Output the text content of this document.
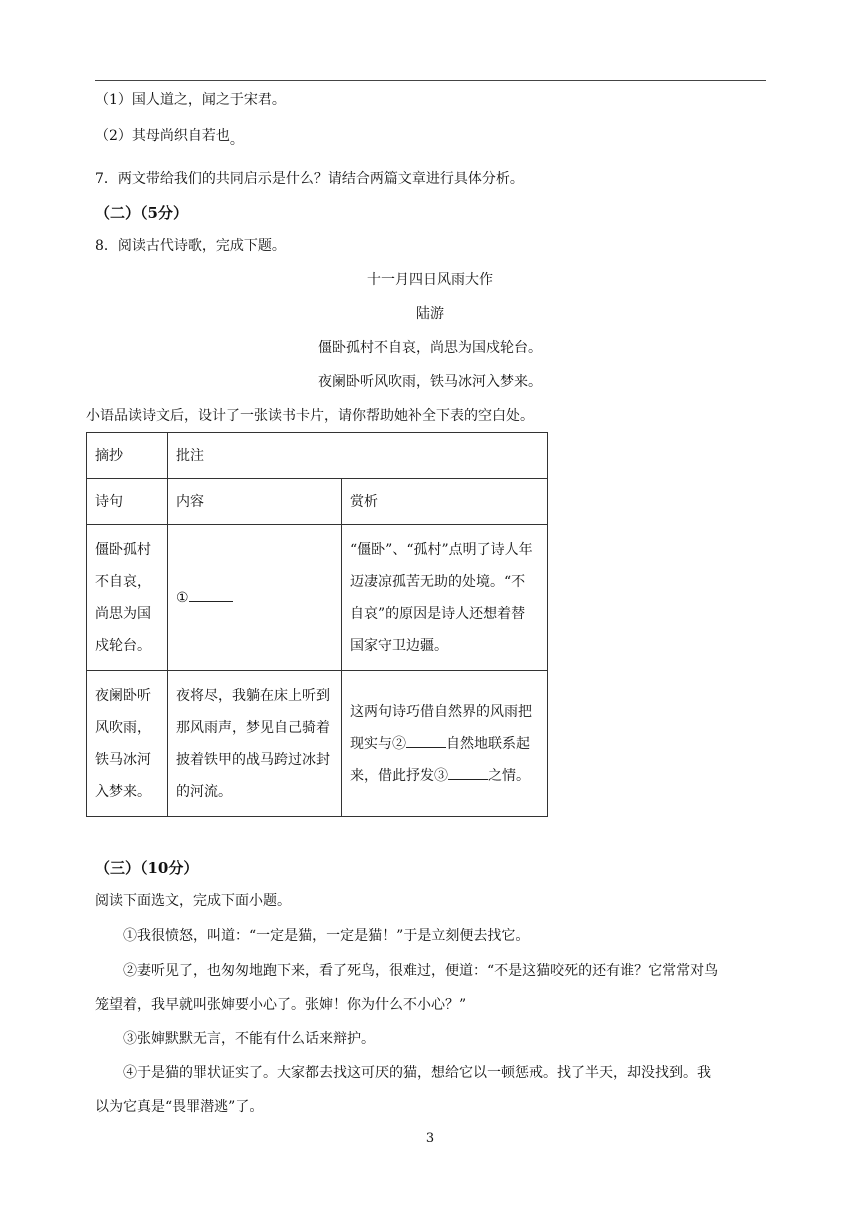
（1）国人道之，闻之于宋君。
（2）其母尚织自若也。
7．两文带给我们的共同启示是什么？请结合两篇文章进行具体分析。
（二）（5分）
8．阅读古代诗歌，完成下题。
十一月四日风雨大作
陆游
僵卧孤村不自哀，尚思为国戍轮台。
夜阑卧听风吹雨，铁马冰河入梦来。
小语品读诗文后，设计了一张读书卡片，请你帮助她补全下表的空白处。
摘抄	批注	
诗句	内容	赏析
僵卧孤村不自哀，尚思为国戍轮台。	①	“僵卧”、“孤村”点明了诗人年迈凄凉孤苦无助的处境。“不自哀”的原因是诗人还想着替国家守卫边疆。
夜阑卧听风吹雨，铁马冰河入梦来。	夜将尽，我躺在床上听到那风雨声，梦见自己骑着披着铁甲的战马跨过冰封的河流。	这两句诗巧借自然界的风雨把现实与② 自然地联系起来，借此抒发③ 之情。
（三）（10分）
阅读下面选文，完成下面小题。
①我很愤怒，叫道：“一定是猫，一定是猫！”于是立刻便去找它。
②妻听见了，也匆匆地跑下来，看了死鸟，很难过，便道：“不是这猫咬死的还有谁？它常常对鸟
笼望着，我早就叫张婶要小心了。张婶！你为什么不小心？”
③张婶默默无言，不能有什么话来辩护。
④于是猫的罪状证实了。大家都去找这可厌的猫，想给它以一顿惩戒。找了半天，却没找到。我
以为它真是“畏罪潜逃”了。
3
